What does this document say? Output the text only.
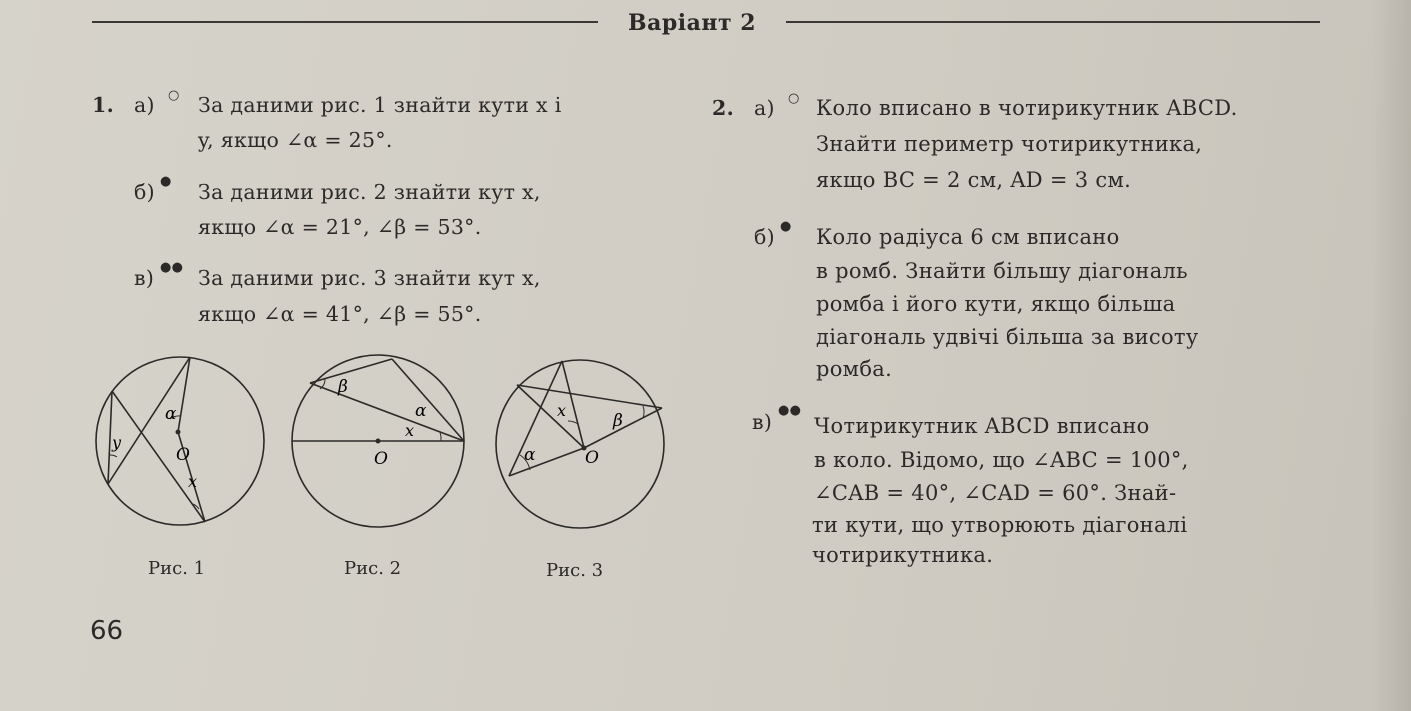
Варіант 2
1. а) ○ За даними рис. 1 знайти кути x і
y, якщо ∠α = 25°.
б) ● За даними рис. 2 знайти кут x,
якщо ∠α = 21°, ∠β = 53°.
в) ●● За даними рис. 3 знайти кут x,
якщо ∠α = 41°, ∠β = 55°.
α
y
O
x
β
α
x
O
x
β
α	O
Рис. 1	Рис. 2	Рис. 3
2. а) ○ Коло вписано в чотирикутник ABCD.
Знайти периметр чотирикутника,
якщо BC = 2 см, AD = 3 см.
б) ● Коло радіуса 6 см вписано
в ромб. Знайти більшу діагональ
ромба і його кути, якщо більша
діагональ удвічі більша за висоту
ромба.
в) ●●
Чотирикутник ABCD вписано
в коло. Відомо, що ∠ABC = 100°,
∠CAB = 40°, ∠CAD = 60°. Знай-
ти кути, що утворюють діагоналі
чотирикутника.
66
